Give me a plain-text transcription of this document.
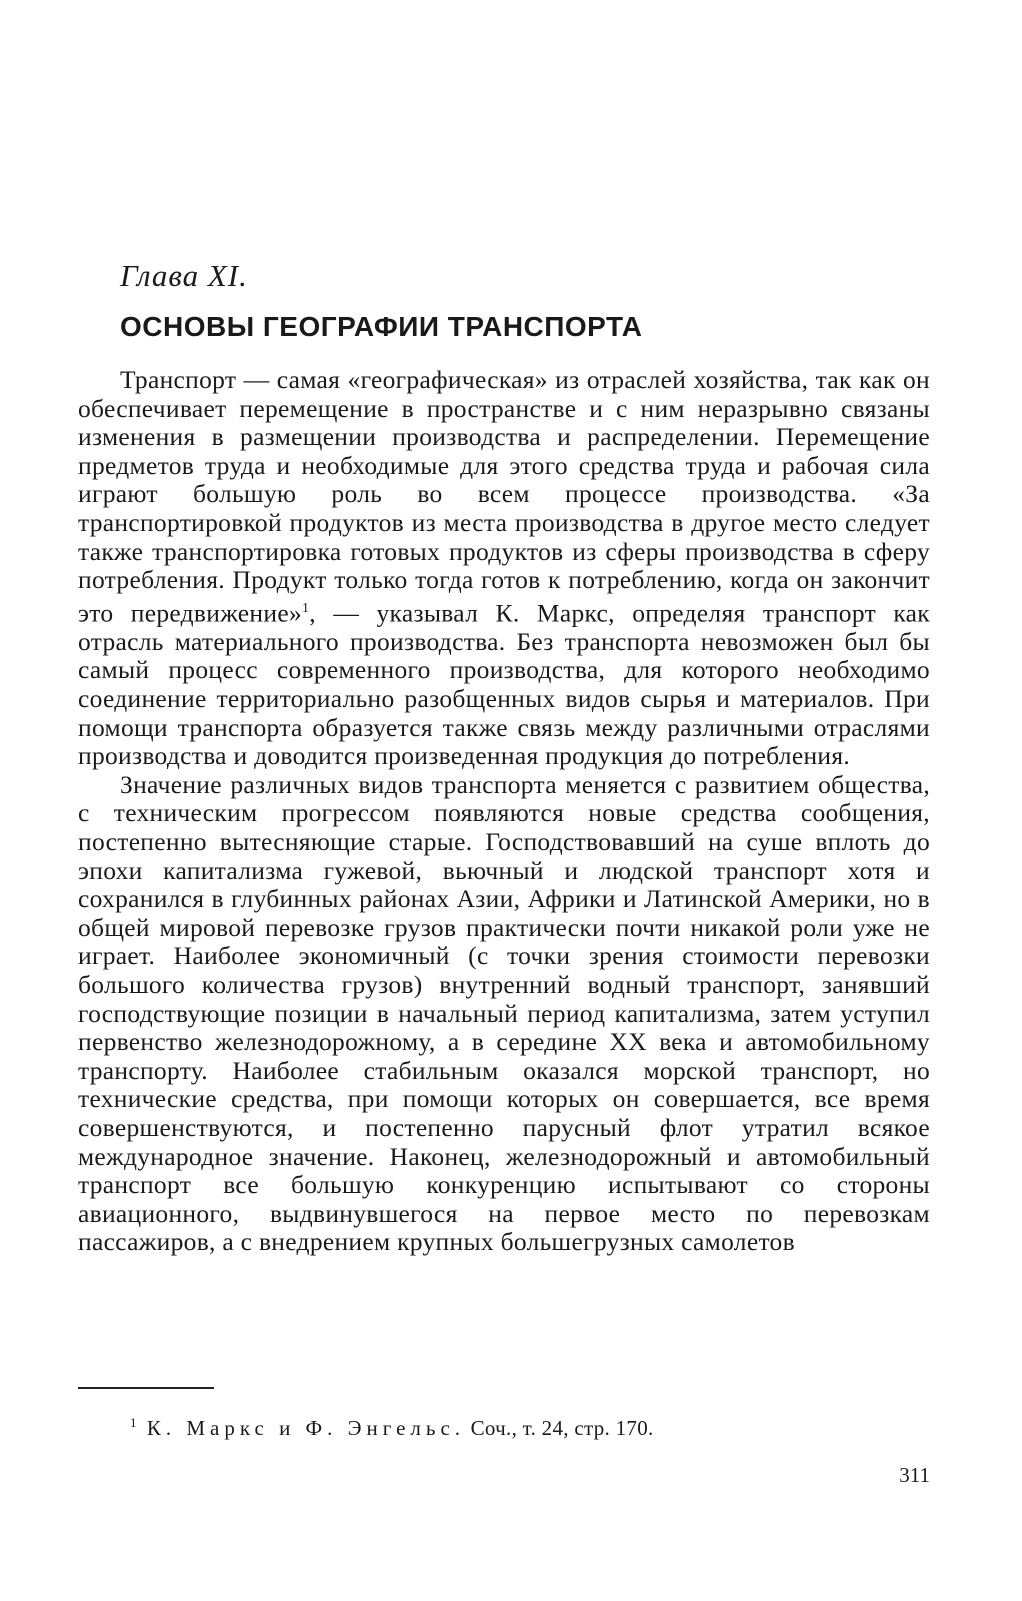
Глава XI.
ОСНОВЫ ГЕОГРАФИИ ТРАНСПОРТА

Транспорт — самая «географическая» из отраслей хозяйства, так как он обеспечивает перемещение в пространстве и с ним неразрывно связаны изменения в размещении производства и распределении. Перемещение предметов труда и необходимые для этого средства труда и рабочая сила играют большую роль во всем процессе производства. «За транспортировкой продуктов из места производства в другое место следует также транспортировка готовых продуктов из сферы производства в сферу потребления. Продукт только тогда готов к потреблению, когда он закончит это передвижение»$^1$, — указывал К. Маркс, определяя транспорт как отрасль материального производства. Без транспорта невозможен был бы самый процесс современного производства, для которого необходимо соединение территориально разобщенных видов сырья и материалов. При помощи транспорта образуется также связь между различными отраслями производства и доводится произведенная продукция до потребления.

Значение различных видов транспорта меняется с развитием общества, с техническим прогрессом появляются новые средства сообщения, постепенно вытесняющие старые. Господствовавший на суше вплоть до эпохи капитализма гужевой, вьючный и людской транспорт хотя и сохранился в глубинных районах Азии, Африки и Латинской Америки, но в общей мировой перевозке грузов практически почти никакой роли уже не играет. Наиболее экономичный (с точки зрения стоимости перевозки большого количества грузов) внутренний водный транспорт, занявший господствующие позиции в начальный период капитализма, затем уступил первенство железнодорожному, а в середине XX века и автомобильному транспорту. Наиболее стабильным оказался морской транспорт, но технические средства, при помощи которых он совершается, все время совершенствуются, и постепенно парусный флот утратил всякое международное значение. Наконец, железнодорожный и автомобильный транспорт все большую конкуренцию испытывают со стороны авиационного, выдвинувшегося на первое место по перевозкам пассажиров, а с внедрением крупных большегрузных самолетов

$^1$ К. Маркс и Ф. Энгельс. Соч., т. 24, стр. 170.
311
